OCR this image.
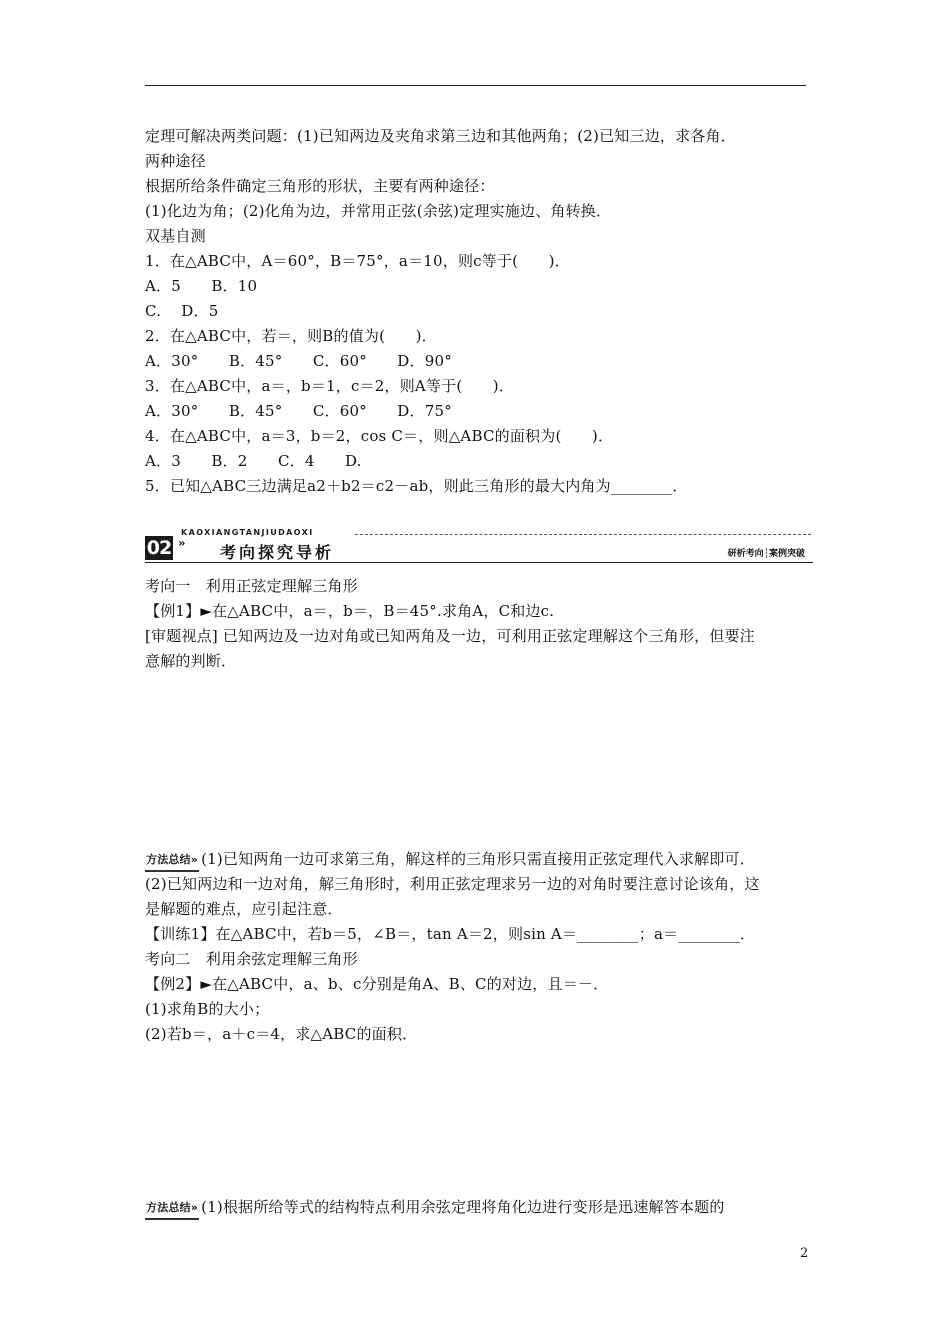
定理可解决两类问题：(1)已知两边及夹角求第三边和其他两角；(2)已知三边，求各角．
两种途径
根据所给条件确定三角形的形状，主要有两种途径：
(1)化边为角；(2)化角为边，并常用正弦(余弦)定理实施边、角转换．
双基自测
1．在△ABC中，A＝60°，B＝75°，a＝10，则c等于(　　)．
A．5　　B．10
C.　 D．5
2．在△ABC中，若＝，则B的值为(　　)．
A．30°　　B．45°　　C．60°　　D．90°
3．在△ABC中，a＝，b＝1，c＝2，则A等于(　　)．
A．30°　　B．45°　　C．60°　　D．75°
4．在△ABC中，a＝3，b＝2，cos C＝，则△ABC的面积为(　　)．
A．3　　B．2　　C．4　　D.
5．已知△ABC三边满足a2＋b2＝c2－ab，则此三角形的最大内角为________．
KAOXIANGTANJIUDAOXI
02 » 考向探究导析	研析考向┆案例突破
考向一　利用正弦定理解三角形
【例1】►在△ABC中，a＝，b＝，B＝45°.求角A，C和边c.
[审题视点] 已知两边及一边对角或已知两角及一边，可利用正弦定理解这个三角形，但要注
意解的判断．
方法总结» (1)已知两角一边可求第三角，解这样的三角形只需直接用正弦定理代入求解即可．
(2)已知两边和一边对角，解三角形时，利用正弦定理求另一边的对角时要注意讨论该角，这
是解题的难点，应引起注意．
【训练1】在△ABC中，若b＝5，∠B＝，tan A＝2，则sin A＝________；a＝________．
考向二　利用余弦定理解三角形
【例2】►在△ABC中，a、b、c分别是角A、B、C的对边，且＝－．
(1)求角B的大小；
(2)若b＝，a＋c＝4，求△ABC的面积．
方法总结» (1)根据所给等式的结构特点利用余弦定理将角化边进行变形是迅速解答本题的
2
